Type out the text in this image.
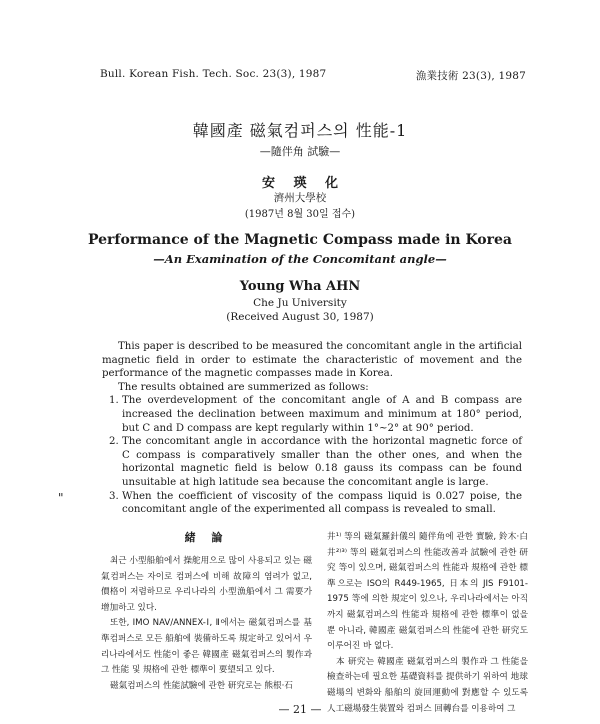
Bull. Korean Fish. Tech. Soc. 23(3), 1987	漁業技術 23(3), 1987
韓國產 磁氣컴퍼스의 性能-1
—隨伴角 試驗—
安 瑛 化
濟州大學校
(1987년 8월 30일 접수)
Performance of the Magnetic Compass made in Korea
—An Examination of the Concomitant angle—
Young Wha AHN
Che Ju University
(Received August 30, 1987)

This paper is described to be measured the concomitant angle in the artificial magnetic field in order to estimate the characteristic of movement and the performance of the magnetic compasses made in Korea.

The results obtained are summerized as follows:

1. The overdevelopment of the concomitant angle of A and B compass are increased the declination between maximum and minimum at 180° period, but C and D compass are kept regularly within 1°~2° at 90° period.
2. The concomitant angle in accordance with the horizontal magnetic force of C compass is comparatively smaller than the other ones, and when the horizontal magnetic field is below 0.18 gauss its compass can be found unsuitable at high latitude sea because the concomitant angle is large.
3. When the coefficient of viscosity of the compass liquid is 0.027 poise, the concomitant angle of the experimented all compass is revealed to small.
"
緒 論

최근 小型船舶에서 操舵用으로 많이 사용되고 있는 磁氣컴퍼스는 자이로 컴퍼스에 비해 故障의 염려가 없고, 價格이 저렴하므로 우리나라의 小型漁船에서 그 需要가 增加하고 있다.

또한, IMO NAV/ANNEX-Ⅰ, Ⅱ에서는 磁氣컴퍼스를 基準컴퍼스로 모든 船舶에 裝備하도록 規定하고 있어서 우리나라에서도 性能이 좋은 韓國產 磁氣컴퍼스의 製作과 그 性能 및 規格에 관한 標準이 要望되고 있다.

磁氣컴퍼스의 性能試驗에 관한 研究로는 熊根·石

井¹⁾ 等의 磁氣羅針儀의 隨伴角에 관한 實驗, 鈴木·白井²⁾³⁾ 等의 磁氣컴퍼스의 性能改善과 試驗에 관한 研究 等이 있으며, 磁氣컴퍼스의 性能과 規格에 관한 標準으로는 ISO의 R449-1965, 日本의 JIS F9101-1975 等에 의한 規定이 있으나, 우리나라에서는 아직까지 磁氣컴퍼스의 性能과 規格에 관한 標準이 없을 뿐 아니라, 韓國產 磁氣컴퍼스의 性能에 관한 研究도 이루어진 바 없다.

本 研究는 韓國產 磁氣컴퍼스의 製作과 그 性能을 檢查하는데 필요한 基礎資料를 提供하기 위하여 地球磁場의 변화와 船舶의 旋回運動에 對應할 수 있도록 人工磁場發生裝置와 컴퍼스 回轉台를 이용하여 그

— 21 —
